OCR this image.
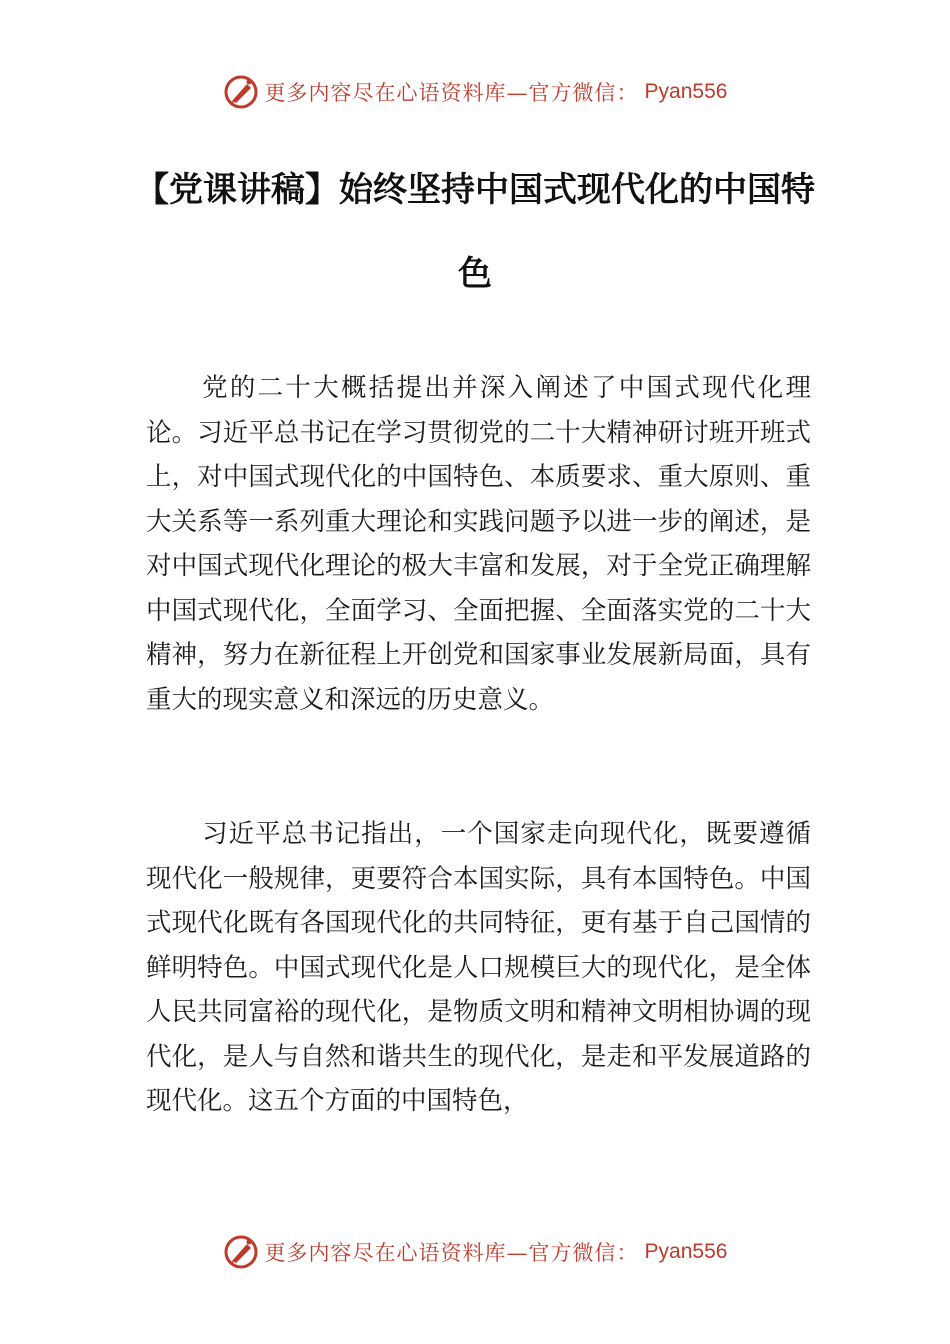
更多内容尽在心语资料库—官方微信： Pyan556
【党课讲稿】始终坚持中国式现代化的中国特色

党的二十大概括提出并深入阐述了中国式现代化理论。习近平总书记在学习贯彻党的二十大精神研讨班开班式上，对中国式现代化的中国特色、本质要求、重大原则、重大关系等一系列重大理论和实践问题予以进一步的阐述，是对中国式现代化理论的极大丰富和发展，对于全党正确理解中国式现代化，全面学习、全面把握、全面落实党的二十大精神，努力在新征程上开创党和国家事业发展新局面，具有重大的现实意义和深远的历史意义。

习近平总书记指出，一个国家走向现代化，既要遵循现代化一般规律，更要符合本国实际，具有本国特色。中国式现代化既有各国现代化的共同特征，更有基于自己国情的鲜明特色。中国式现代化是人口规模巨大的现代化，是全体人民共同富裕的现代化，是物质文明和精神文明相协调的现代化，是人与自然和谐共生的现代化，是走和平发展道路的现代化。这五个方面的中国特色，

更多内容尽在心语资料库—官方微信： Pyan556
